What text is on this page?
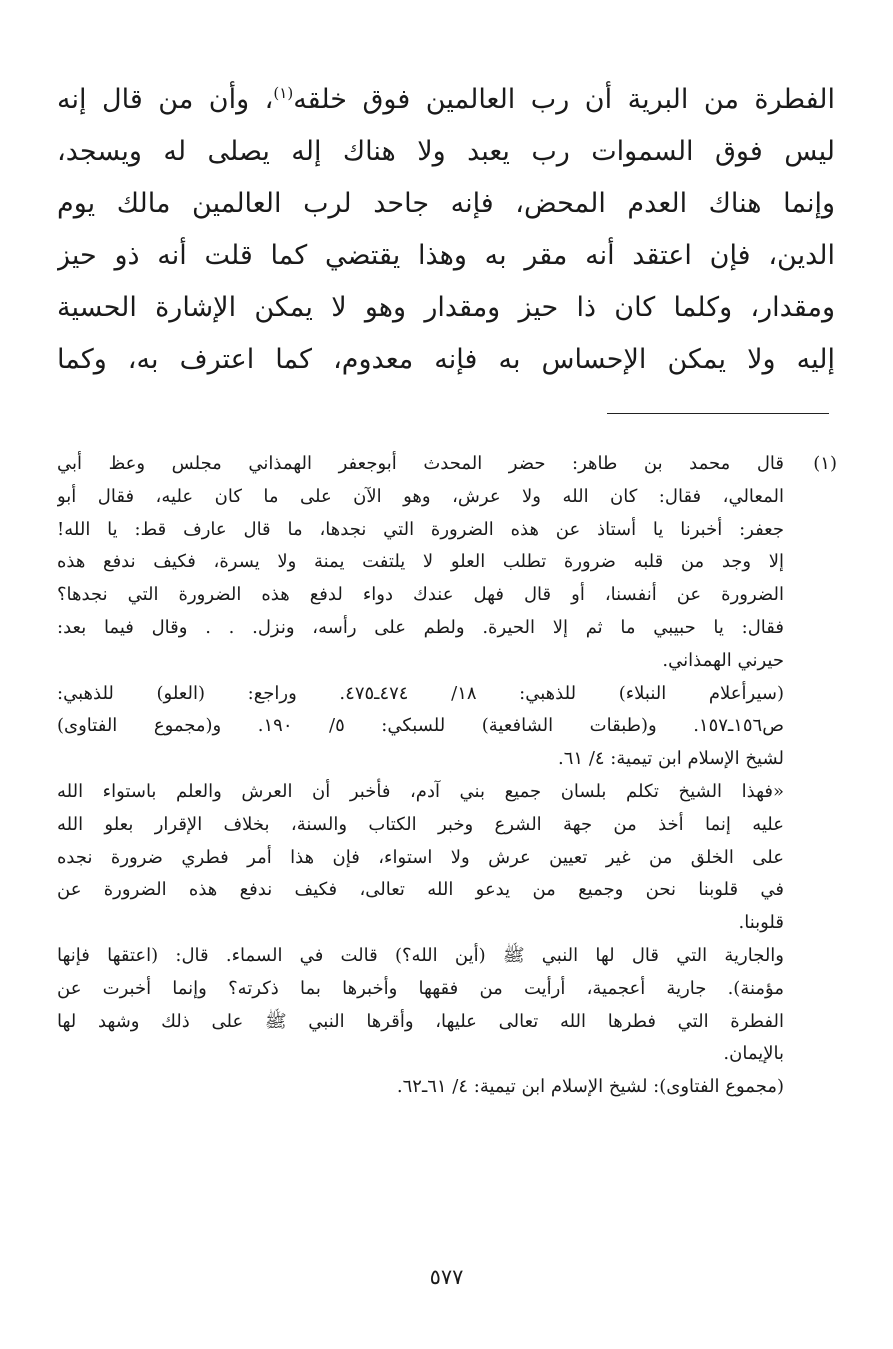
الفطرة من البرية أن رب العالمين فوق خلقه$^{(١)}$، وأن من قال إنه
ليس فوق السموات رب يعبد ولا هناك إله يصلى له ويسجد،
وإنما هناك العدم المحض، فإنه جاحد لرب العالمين مالك يوم
الدين، فإن اعتقد أنه مقر به وهذا يقتضي كما قلت أنه ذو حيز
ومقدار، وكلما كان ذا حيز ومقدار وهو لا يمكن الإشارة الحسية
إليه ولا يمكن الإحساس به فإنه معدوم، كما اعترف به، وكما
(١)
قال محمد بن طاهر: حضر المحدث أبوجعفر الهمذاني مجلس وعظ أبي
المعالي، فقال: كان الله ولا عرش، وهو الآن على ما كان عليه، فقال أبو
جعفر: أخبرنا يا أستاذ عن هذه الضرورة التي نجدها، ما قال عارف قط: يا الله!
إلا وجد من قلبه ضرورة تطلب العلو لا يلتفت يمنة ولا يسرة، فكيف ندفع هذه
الضرورة عن أنفسنا، أو قال فهل عندك دواء لدفع هذه الضرورة التي نجدها؟
فقال: يا حبيبي ما ثم إلا الحيرة. ولطم على رأسه، ونزل. . . وقال فيما بعد:
حيرني الهمذاني.
(سيرأعلام النبلاء) للذهبي: ١٨/ ٤٧٤ـ٤٧٥. وراجع: (العلو) للذهبي:
ص١٥٦ـ١٥٧. و(طبقات الشافعية) للسبكي: ٥/ ١٩٠. و(مجموع الفتاوى)
لشيخ الإسلام ابن تيمية: ٤/ ٦١.
«فهذا الشيخ تكلم بلسان جميع بني آدم، فأخبر أن العرش والعلم باستواء الله
عليه إنما أخذ من جهة الشرع وخبر الكتاب والسنة، بخلاف الإقرار بعلو الله
على الخلق من غير تعيين عرش ولا استواء، فإن هذا أمر فطري ضرورة نجده
في قلوبنا نحن وجميع من يدعو الله تعالى، فكيف ندفع هذه الضرورة عن
قلوبنا.
والجارية التي قال لها النبي ﷺ (أين الله؟) قالت في السماء. قال: (اعتقها فإنها
مؤمنة). جارية أعجمية، أرأيت من فقهها وأخبرها بما ذكرته؟ وإنما أخبرت عن
الفطرة التي فطرها الله تعالى عليها، وأقرها النبي ﷺ على ذلك وشهد لها
بالإيمان.
(مجموع الفتاوى): لشيخ الإسلام ابن تيمية: ٤/ ٦١ـ٦٢.
٥٧٧
